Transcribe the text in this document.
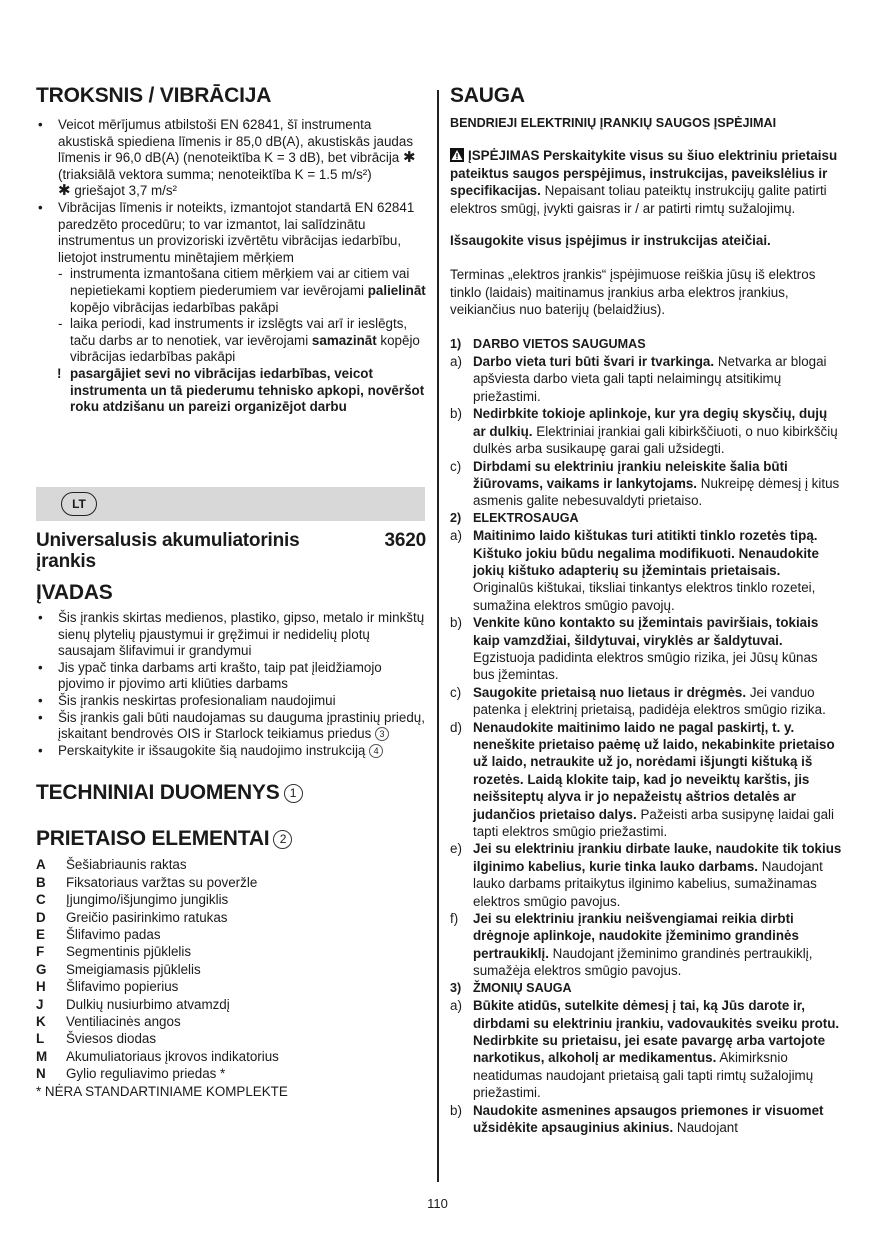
TROKSNIS / VIBRĀCIJA
• Veicot mērījumus atbilstoši EN 62841, šī instrumenta akustiskā spiediena līmenis ir 85,0 dB(A), akustiskās jaudas līmenis ir 96,0 dB(A) (nenoteiktība K = 3 dB), bet vibrācija ✱ (triaksiālā vektora summa; nenoteiktība K = 1.5 m/s²)
✱ griešajot 3,7 m/s²
• Vibrācijas līmenis ir noteikts, izmantojot standartā EN 62841 paredzēto procedūru; to var izmantot, lai salīdzinātu instrumentus un provizoriski izvērtētu vibrācijas iedarbību, lietojot instrumentu minētajiem mērķiem
- instrumenta izmantošana citiem mērķiem vai ar citiem vai nepietiekami koptiem piederumiem var ievērojami palielināt kopējo vibrācijas iedarbības pakāpi
- laika periodi, kad instruments ir izslēgts vai arī ir ieslēgts, taču darbs ar to nenotiek, var ievērojami samazināt kopējo vibrācijas iedarbības pakāpi
! pasargājiet sevi no vibrācijas iedarbības, veicot instrumenta un tā piederumu tehnisko apkopi, novēršot roku atdzišanu un pareizi organizējot darbu
LT
Universalusis akumuliatorinis įrankis
3620
ĮVADAS
• Šis įrankis skirtas medienos, plastiko, gipso, metalo ir minkštų sienų plytelių pjaustymui ir gręžimui ir nedidelių plotų sausajam šlifavimui ir grandymui
• Jis ypač tinka darbams arti krašto, taip pat įleidžiamojo pjovimo ir pjovimo arti kliūties darbams
• Šis įrankis neskirtas profesionaliam naudojimui
• Šis įrankis gali būti naudojamas su dauguma įprastinių priedų, įskaitant bendrovės OIS ir Starlock teikiamus priedus 3
• Perskaitykite ir išsaugokite šią naudojimo instrukciją 4
TECHNINIAI DUOMENYS 1
PRIETAISO ELEMENTAI 2
A	Šešiabriaunis raktas
B	Fiksatoriaus varžtas su poveržle
C	Įjungimo/išjungimo jungiklis
D	Greičio pasirinkimo ratukas
E	Šlifavimo padas
F	Segmentinis pjūklelis
G	Smeigiamasis pjūklelis
H	Šlifavimo popierius
J	Dulkių nusiurbimo atvamzdį
K	Ventiliacinės angos
L	Šviesos diodas
M	Akumuliatoriaus įkrovos indikatorius
N	Gylio reguliavimo priedas *
* NĖRA STANDARTINIAME KOMPLEKTE
SAUGA
BENDRIEJI ELEKTRINIŲ ĮRANKIŲ SAUGOS ĮSPĖJIMAI
ĮSPĖJIMAS Perskaitykite visus su šiuo elektriniu prietaisu pateiktus saugos perspėjimus, instrukcijas, paveikslėlius ir specifikacijas. Nepaisant toliau pateiktų instrukcijų galite patirti elektros smūgį, įvykti gaisras ir / ar patirti rimtų sužalojimų.
Išsaugokite visus įspėjimus ir instrukcijas ateičiai.
Terminas „elektros įrankis“ įspėjimuose reiškia jūsų iš elektros tinklo (laidais) maitinamus įrankius arba elektros įrankius, veikiančius nuo baterijų (belaidžius).
1) DARBO VIETOS SAUGUMAS
a) Darbo vieta turi būti švari ir tvarkinga. Netvarka ar blogai apšviesta darbo vieta gali tapti nelaimingų atsitikimų priežastimi.
b) Nedirbkite tokioje aplinkoje, kur yra degių skysčių, dujų ar dulkių. Elektriniai įrankiai gali kibirkščiuoti, o nuo kibirkščių dulkės arba susikaupę garai gali užsidegti.
c) Dirbdami su elektriniu įrankiu neleiskite šalia būti žiūrovams, vaikams ir lankytojams. Nukreipę dėmesį į kitus asmenis galite nebesuvaldyti prietaiso.
2) ELEKTROSAUGA
a) Maitinimo laido kištukas turi atitikti tinklo rozetės tipą. Kištuko jokiu būdu negalima modifikuoti. Nenaudokite jokių kištuko adapterių su įžemintais prietaisais. Originalūs kištukai, tiksliai tinkantys elektros tinklo rozetei, sumažina elektros smūgio pavojų.
b) Venkite kūno kontakto su įžemintais paviršiais, tokiais kaip vamzdžiai, šildytuvai, viryklės ar šaldytuvai. Egzistuoja padidinta elektros smūgio rizika, jei Jūsų kūnas bus įžemintas.
c) Saugokite prietaisą nuo lietaus ir drėgmės. Jei vanduo patenka į elektrinį prietaisą, padidėja elektros smūgio rizika.
d) Nenaudokite maitinimo laido ne pagal paskirtį, t. y. neneškite prietaiso paėmę už laido, nekabinkite prietaiso už laido, netraukite už jo, norėdami išjungti kištuką iš rozetės. Laidą klokite taip, kad jo neveiktų karštis, jis neišsiteptų alyva ir jo nepažeistų aštrios detalės ar judančios prietaiso dalys. Pažeisti arba susipynę laidai gali tapti elektros smūgio priežastimi.
e) Jei su elektriniu įrankiu dirbate lauke, naudokite tik tokius ilginimo kabelius, kurie tinka lauko darbams. Naudojant lauko darbams pritaikytus ilginimo kabelius, sumažinamas elektros smūgio pavojus.
f) Jei su elektriniu įrankiu neišvengiamai reikia dirbti drėgnoje aplinkoje, naudokite įžeminimo grandinės pertraukiklį. Naudojant įžeminimo grandinės pertraukiklį, sumažėja elektros smūgio pavojus.
3) ŽMONIŲ SAUGA
a) Būkite atidūs, sutelkite dėmesį į tai, ką Jūs darote ir, dirbdami su elektriniu įrankiu, vadovaukitės sveiku protu. Nedirbkite su prietaisu, jei esate pavargę arba vartojote narkotikus, alkoholį ar medikamentus. Akimirksnio neatidumas naudojant prietaisą gali tapti rimtų sužalojimų priežastimi.
b) Naudokite asmenines apsaugos priemones ir visuomet užsidėkite apsauginius akinius. Naudojant
110
